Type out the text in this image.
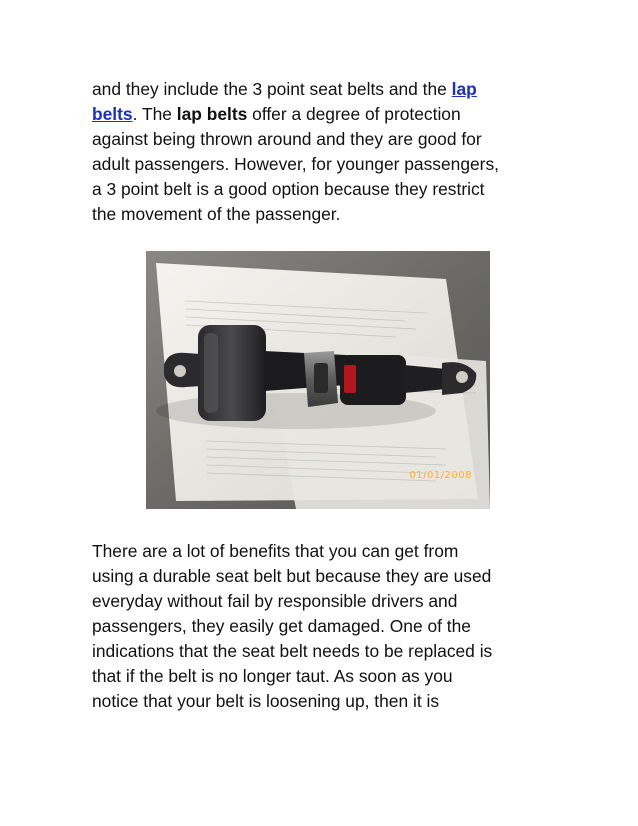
and they include the 3 point seat belts and the lap
belts. The lap belts offer a degree of protection
against being thrown around and they are good for
adult passengers. However, for younger passengers,
a 3 point belt is a good option because they restrict
the movement of the passenger.

01/01/2008

There are a lot of benefits that you can get from
using a durable seat belt but because they are used
everyday without fail by responsible drivers and
passengers, they easily get damaged. One of the
indications that the seat belt needs to be replaced is
that if the belt is no longer taut. As soon as you
notice that your belt is loosening up, then it is
